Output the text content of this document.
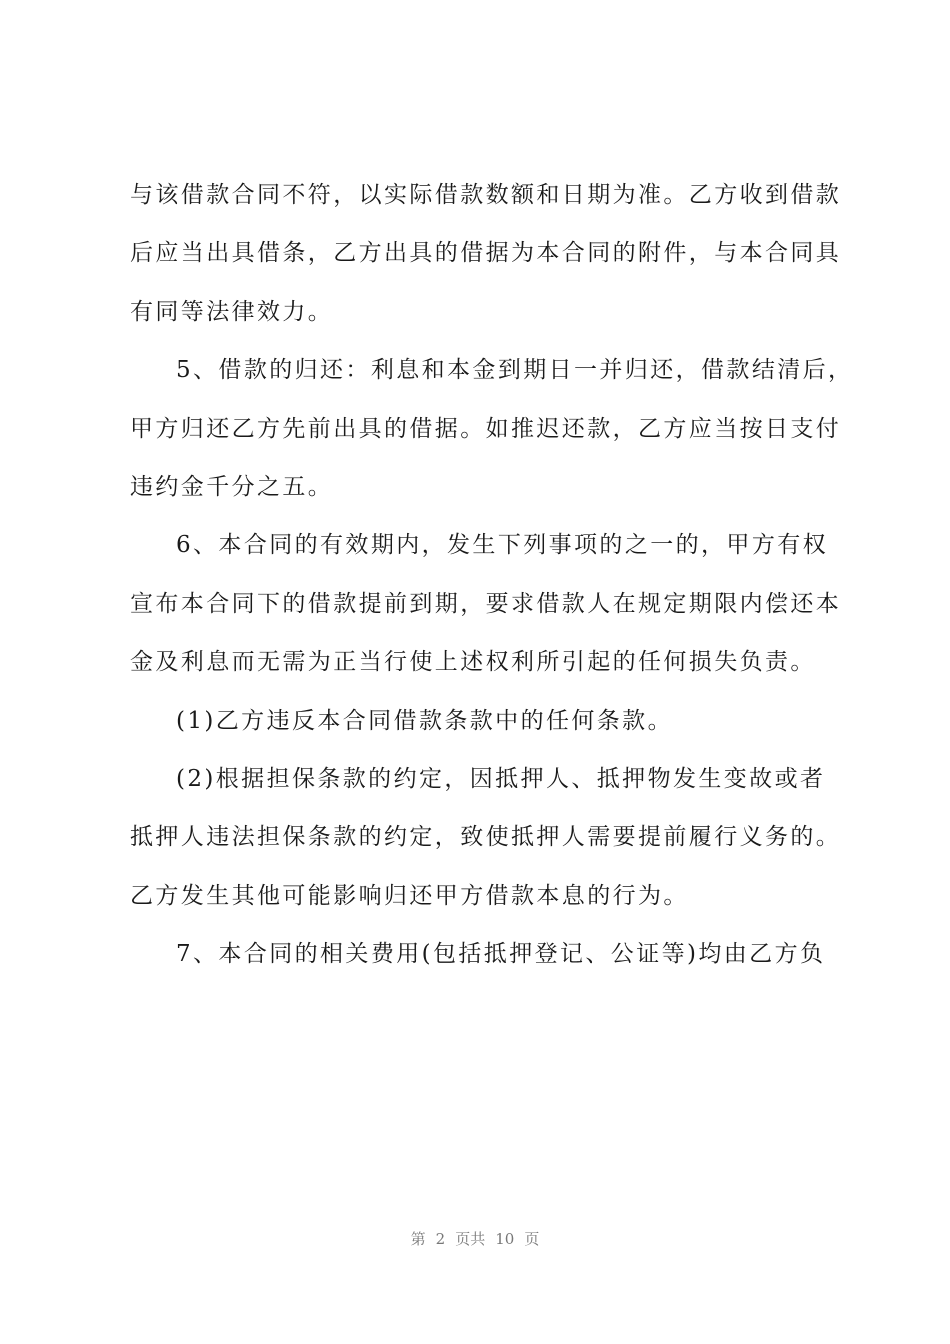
与该借款合同不符，以实际借款数额和日期为准。乙方收到借款
后应当出具借条，乙方出具的借据为本合同的附件，与本合同具
有同等法律效力。
5、借款的归还：利息和本金到期日一并归还，借款结清后，
甲方归还乙方先前出具的借据。如推迟还款，乙方应当按日支付
违约金千分之五。
6、本合同的有效期内，发生下列事项的之一的，甲方有权
宣布本合同下的借款提前到期，要求借款人在规定期限内偿还本
金及利息而无需为正当行使上述权利所引起的任何损失负责。
(1)乙方违反本合同借款条款中的任何条款。
(2)根据担保条款的约定，因抵押人、抵押物发生变故或者
抵押人违法担保条款的约定，致使抵押人需要提前履行义务的。
乙方发生其他可能影响归还甲方借款本息的行为。
7、本合同的相关费用(包括抵押登记、公证等)均由乙方负
第 2 页共 10 页
